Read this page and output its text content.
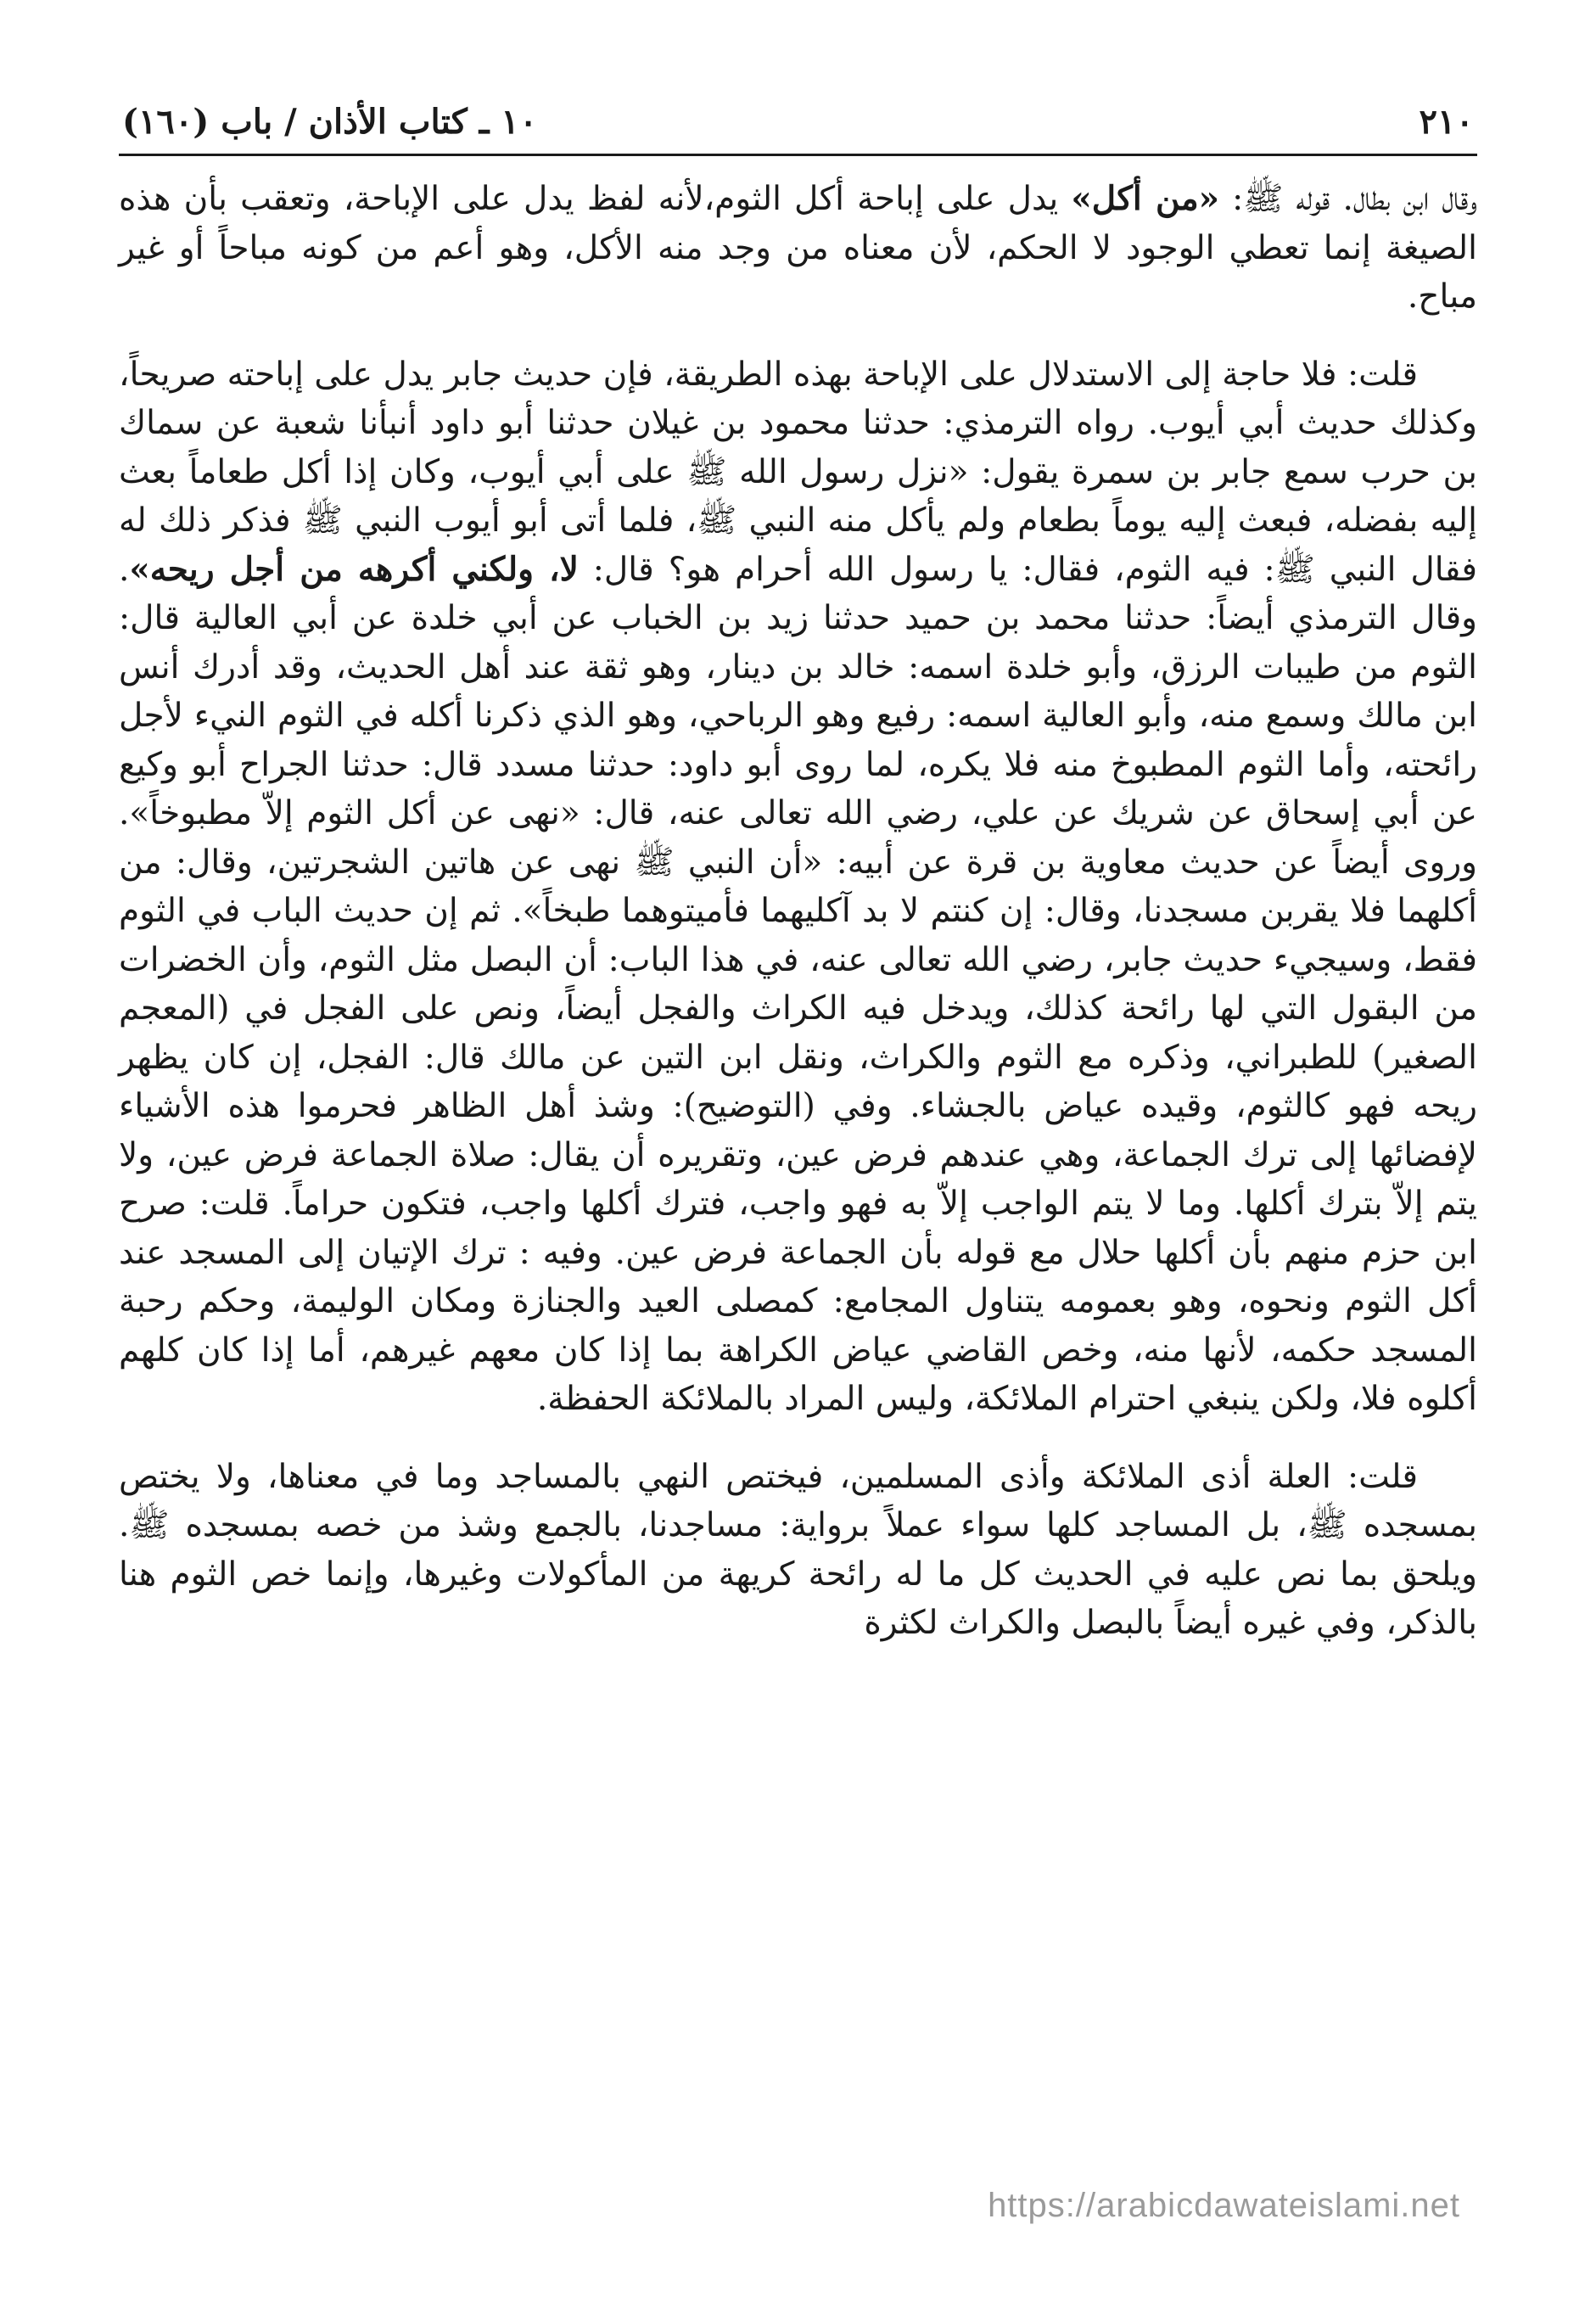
٢١٠
١٠ ـ كتاب الأذان / باب (١٦٠)

وقال ابن بطال. قوله ﷺ: «من أكل» يدل على إباحة أكل الثوم،لأنه لفظ يدل على الإباحة، وتعقب بأن هذه الصيغة إنما تعطي الوجود لا الحكم، لأن معناه من وجد منه الأكل، وهو أعم من كونه مباحاً أو غير مباح.

قلت: فلا حاجة إلى الاستدلال على الإباحة بهذه الطريقة، فإن حديث جابر يدل على إباحته صريحاً، وكذلك حديث أبي أيوب. رواه الترمذي: حدثنا محمود بن غيلان حدثنا أبو داود أنبأنا شعبة عن سماك بن حرب سمع جابر بن سمرة يقول: «نزل رسول الله ﷺ على أبي أيوب، وكان إذا أكل طعاماً بعث إليه بفضله، فبعث إليه يوماً بطعام ولم يأكل منه النبي ﷺ، فلما أتى أبو أيوب النبي ﷺ فذكر ذلك له فقال النبي ﷺ: فيه الثوم، فقال: يا رسول الله أحرام هو؟ قال: لا، ولكني أكرهه من أجل ريحه». وقال الترمذي أيضاً: حدثنا محمد بن حميد حدثنا زيد بن الخباب عن أبي خلدة عن أبي العالية قال: الثوم من طيبات الرزق، وأبو خلدة اسمه: خالد بن دينار، وهو ثقة عند أهل الحديث، وقد أدرك أنس ابن مالك وسمع منه، وأبو العالية اسمه: رفيع وهو الرباحي، وهو الذي ذكرنا أكله في الثوم النيء لأجل رائحته، وأما الثوم المطبوخ منه فلا يكره، لما روى أبو داود: حدثنا مسدد قال: حدثنا الجراح أبو وكيع عن أبي إسحاق عن شريك عن علي، رضي الله تعالى عنه، قال: «نهى عن أكل الثوم إلاّ مطبوخاً». وروى أيضاً عن حديث معاوية بن قرة عن أبيه: «أن النبي ﷺ نهى عن هاتين الشجرتين، وقال: من أكلهما فلا يقربن مسجدنا، وقال: إن كنتم لا بد آكليهما فأميتوهما طبخاً». ثم إن حديث الباب في الثوم فقط، وسيجيء حديث جابر، رضي الله تعالى عنه، في هذا الباب: أن البصل مثل الثوم، وأن الخضرات من البقول التي لها رائحة كذلك، ويدخل فيه الكراث والفجل أيضاً، ونص على الفجل في (المعجم الصغير) للطبراني، وذكره مع الثوم والكراث، ونقل ابن التين عن مالك قال: الفجل، إن كان يظهر ريحه فهو كالثوم، وقيده عياض بالجشاء. وفي (التوضيح): وشذ أهل الظاهر فحرموا هذه الأشياء لإفضائها إلى ترك الجماعة، وهي عندهم فرض عين، وتقريره أن يقال: صلاة الجماعة فرض عين، ولا يتم إلاّ بترك أكلها. وما لا يتم الواجب إلاّ به فهو واجب، فترك أكلها واجب، فتكون حراماً. قلت: صرح ابن حزم منهم بأن أكلها حلال مع قوله بأن الجماعة فرض عين. وفيه : ترك الإتيان إلى المسجد عند أكل الثوم ونحوه، وهو بعمومه يتناول المجامع: كمصلى العيد والجنازة ومكان الوليمة، وحكم رحبة المسجد حكمه، لأنها منه، وخص القاضي عياض الكراهة بما إذا كان معهم غيرهم، أما إذا كان كلهم أكلوه فلا، ولكن ينبغي احترام الملائكة، وليس المراد بالملائكة الحفظة.

قلت: العلة أذى الملائكة وأذى المسلمين، فيختص النهي بالمساجد وما في معناها، ولا يختص بمسجده ﷺ، بل المساجد كلها سواء عملاً برواية: مساجدنا، بالجمع وشذ من خصه بمسجده ﷺ. ويلحق بما نص عليه في الحديث كل ما له رائحة كريهة من المأكولات وغيرها، وإنما خص الثوم هنا بالذكر، وفي غيره أيضاً بالبصل والكراث لكثرة

https://arabicdawateislami.net
